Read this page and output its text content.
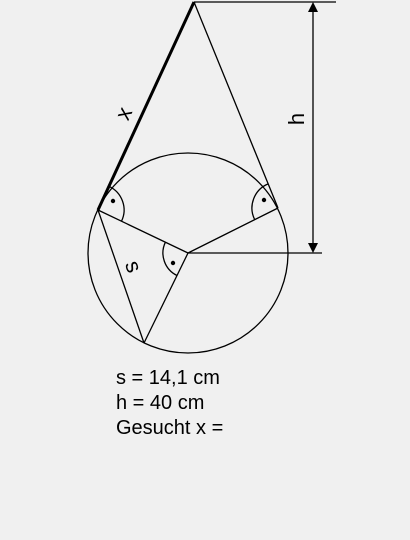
x	h
s
s = 14,1 cm
h = 40 cm
Gesucht x =
